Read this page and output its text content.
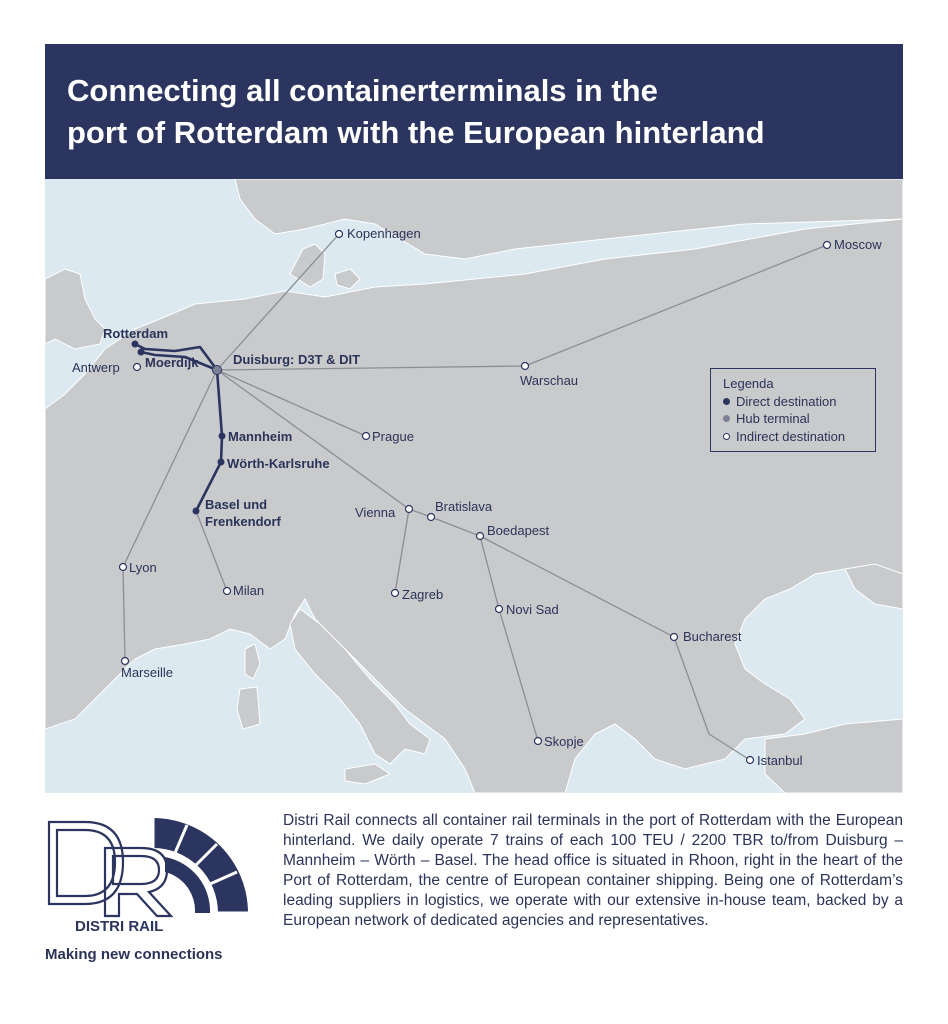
Connecting all containerterminals in the
port of Rotterdam with the European hinterland
Kopenhagen
Moscow
Rotterdam
Antwerp Moerdijk	Duisburg: D3T & DIT
Warschau
Mannheim	Prague
Wörth-Karlsruhe
Basel und
Frenkendorf
Vienna	Bratislava
Boedapest
Lyon
Milan	Zagreb
Novi Sad
Marseille
Bucharest
Skopje
Istanbul
Legenda
Direct destination
Hub terminal
Indirect destination
DISTRI RAIL
Making new connections
Distri Rail connects all container rail terminals in the port of Rotterdam with the European hinterland. We daily operate 7 trains of each 100 TEU / 2200 TBR to/from Duisburg – Mannheim – Wörth – Basel. The head office is situated in Rhoon, right in the heart of the Port of Rotterdam, the centre of European container shipping. Being one of Rotterdam’s leading suppliers in logistics, we operate with our extensive in-house team, backed by a European network of dedicated agencies and representatives.
